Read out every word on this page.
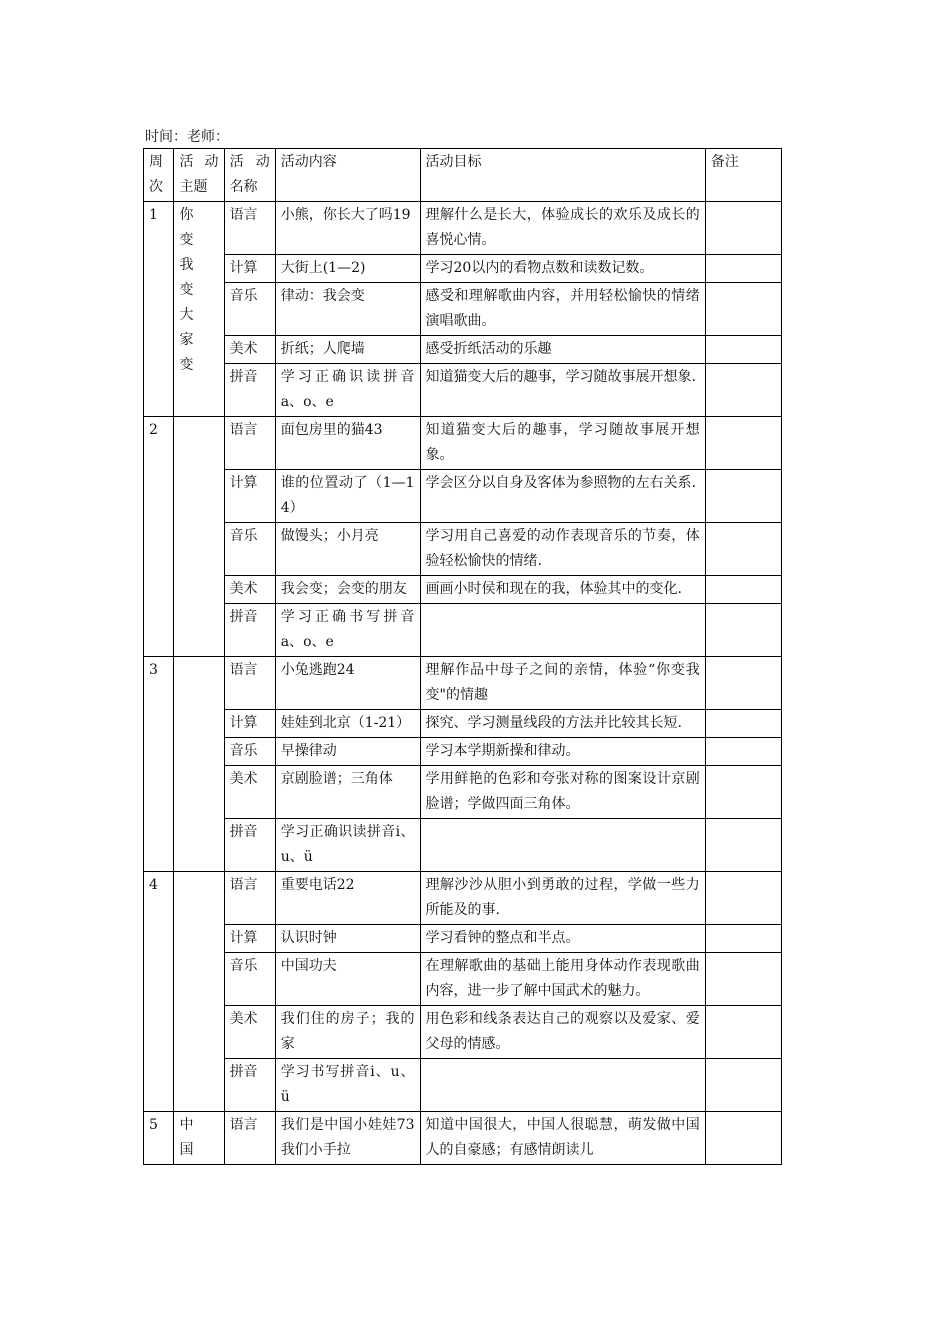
时间：老师：
周次	活动主题	活动名称	活动内容	活动目标	备注
1	你变我变大家变	语言	小熊，你长大了吗19	理解什么是长大，体验成长的欢乐及成长的喜悦心情。	
		计算	大街上(1—2)	学习20以内的看物点数和读数记数。	
		音乐	律动：我会变	感受和理解歌曲内容，并用轻松愉快的情绪演唱歌曲。	
		美术	折纸；人爬墙	感受折纸活动的乐趣	
		拼音	学习正确识读拼音a、o、e	知道猫变大后的趣事，学习随故事展开想象.	
2		语言	面包房里的猫43	知道猫变大后的趣事，学习随故事展开想象。	
		计算	谁的位置动了（1—14）	学会区分以自身及客体为参照物的左右关系.	
		音乐	做馒头；小月亮	学习用自己喜爱的动作表现音乐的节奏，体验轻松愉快的情绪.	
		美术	我会变；会变的朋友	画画小时侯和现在的我，体验其中的变化.	
		拼音	学习正确书写拼音a、o、e		
3		语言	小兔逃跑24	理解作品中母子之间的亲情，体验“你变我变"的情趣	
		计算	娃娃到北京（1-21）	探究、学习测量线段的方法并比较其长短.	
		音乐	早操律动	学习本学期新操和律动。	
		美术	京剧脸谱；三角体	学用鲜艳的色彩和夸张对称的图案设计京剧脸谱；学做四面三角体。	
		拼音	学习正确识读拼音i、u、ü		
4		语言	重要电话22	理解沙沙从胆小到勇敢的过程，学做一些力所能及的事.	
		计算	认识时钟	学习看钟的整点和半点。	
		音乐	中国功夫	在理解歌曲的基础上能用身体动作表现歌曲内容，进一步了解中国武术的魅力。	
		美术	我们住的房子；我的家	用色彩和线条表达自己的观察以及爱家、爱父母的情感。	
		拼音	学习书写拼音i、u、ü		
5	中国	语言	我们是中国小娃娃73我们小手拉	知道中国很大，中国人很聪慧，萌发做中国人的自豪感；有感情朗读儿	
